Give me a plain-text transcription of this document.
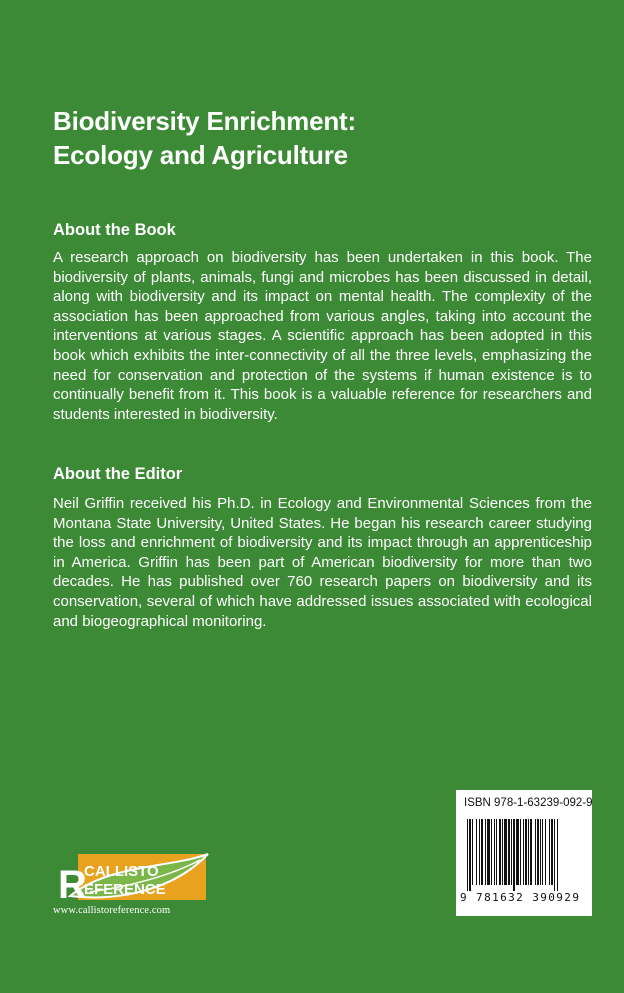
Biodiversity Enrichment:
Ecology and Agriculture
About the Book

A research approach on biodiversity has been undertaken in this book. The biodiversity of plants, animals, fungi and microbes has been discussed in detail, along with biodiversity and its impact on mental health. The complexity of the association has been approached from various angles, taking into account the interventions at various stages. A scientific approach has been adopted in this book which exhibits the inter-connectivity of all the three levels, emphasizing the need for conservation and protection of the systems if human existence is to continually benefit from it. This book is a valuable reference for researchers and students interested in biodiversity.

About the Editor

Neil Griffin received his Ph.D. in Ecology and Environmental Sciences from the Montana State University, United States. He began his research career studying the loss and enrichment of biodiversity and its impact through an apprenticeship in America. Griffin has been part of American biodiversity for more than two decades. He has published over 760 research papers on biodiversity and its conservation, several of which have addressed issues associated with ecological and biogeographical monitoring.

ISBN 978-1-63239-092-9
9 781632 390929
R
CALLISTO
EFERENCE
www.callistoreference.com
